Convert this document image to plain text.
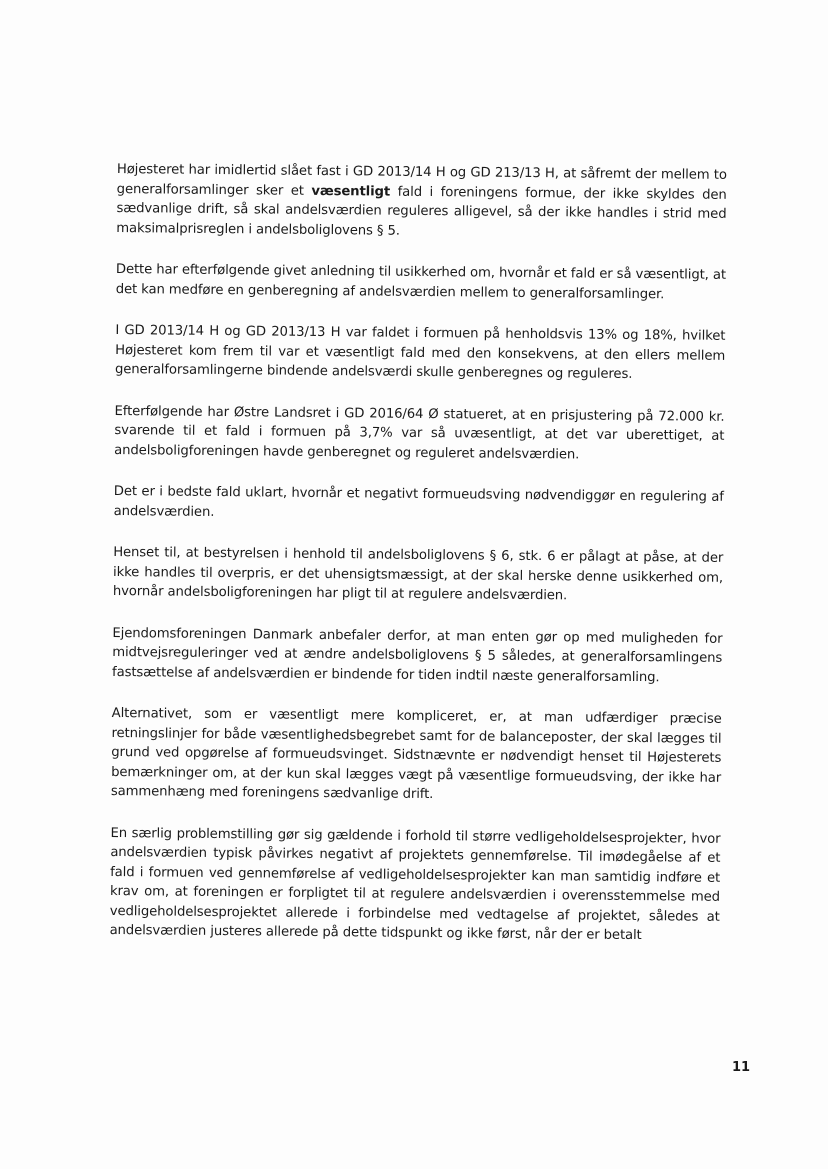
Højesteret har imidlertid slået fast i GD 2013/14 H og GD 213/13 H, at såfremt der mellem to generalforsamlinger sker et væsentligt fald i foreningens formue, der ikke skyldes den sædvanlige drift, så skal andelsværdien reguleres alligevel, så der ikke handles i strid med maksimalprisreglen i andelsboliglovens § 5.

Dette har efterfølgende givet anledning til usikkerhed om, hvornår et fald er så væsentligt, at det kan medføre en genberegning af andelsværdien mellem to generalforsamlinger.

I GD 2013/14 H og GD 2013/13 H var faldet i formuen på henholdsvis 13% og 18%, hvilket Højesteret kom frem til var et væsentligt fald med den konsekvens, at den ellers mellem generalforsamlingerne bindende andelsværdi skulle genberegnes og reguleres.

Efterfølgende har Østre Landsret i GD 2016/64 Ø statueret, at en prisjustering på 72.000 kr. svarende til et fald i formuen på 3,7% var så uvæsentligt, at det var uberettiget, at andelsboligforeningen havde genberegnet og reguleret andelsværdien.

Det er i bedste fald uklart, hvornår et negativt formueudsving nødvendiggør en regulering af andelsværdien.

Henset til, at bestyrelsen i henhold til andelsboliglovens § 6, stk. 6 er pålagt at påse, at der ikke handles til overpris, er det uhensigtsmæssigt, at der skal herske denne usikkerhed om, hvornår andelsboligforeningen har pligt til at regulere andelsværdien.

Ejendomsforeningen Danmark anbefaler derfor, at man enten gør op med muligheden for midtvejsreguleringer ved at ændre andelsboliglovens § 5 således, at generalforsamlingens fastsættelse af andelsværdien er bindende for tiden indtil næste generalforsamling.

Alternativet, som er væsentligt mere kompliceret, er, at man udfærdiger præcise retningslinjer for både væsentlighedsbegrebet samt for de balanceposter, der skal lægges til grund ved opgørelse af formueudsvinget. Sidstnævnte er nødvendigt henset til Højesterets bemærkninger om, at der kun skal lægges vægt på væsentlige formueudsving, der ikke har sammenhæng med foreningens sædvanlige drift.

En særlig problemstilling gør sig gældende i forhold til større vedligeholdelsesprojekter, hvor andelsværdien typisk påvirkes negativt af projektets gennemførelse. Til imødegåelse af et fald i formuen ved gennemførelse af vedligeholdelsesprojekter kan man samtidig indføre et krav om, at foreningen er forpligtet til at regulere andelsværdien i overensstemmelse med vedligeholdelsesprojektet allerede i forbindelse med vedtagelse af projektet, således at andelsværdien justeres allerede på dette tidspunkt og ikke først, når der er betalt

11
